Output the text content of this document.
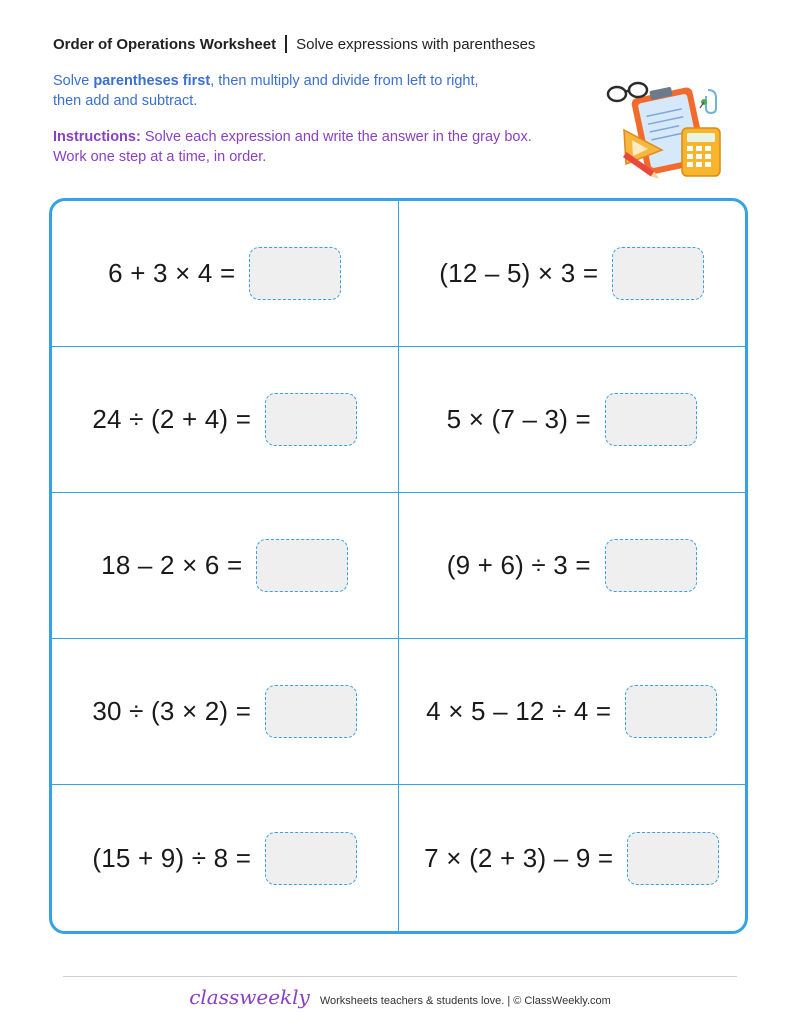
Order of Operations Worksheet Solve expressions with parentheses
Solve parentheses first, then multiply and divide from left to right,
then add and subtract.
Instructions: Solve each expression and write the answer in the gray box.
Work one step at a time, in order.
6 + 3 × 4 =	(12 – 5) × 3 =
24 ÷ (2 + 4) =	5 × (7 – 3) =
18 – 2 × 6 =	(9 + 6) ÷ 3 =
30 ÷ (3 × 2) =	4 × 5 – 12 ÷ 4 =
(15 + 9) ÷ 8 =	7 × (2 + 3) – 9 =
classweekly Worksheets teachers & students love. | © ClassWeekly.com
